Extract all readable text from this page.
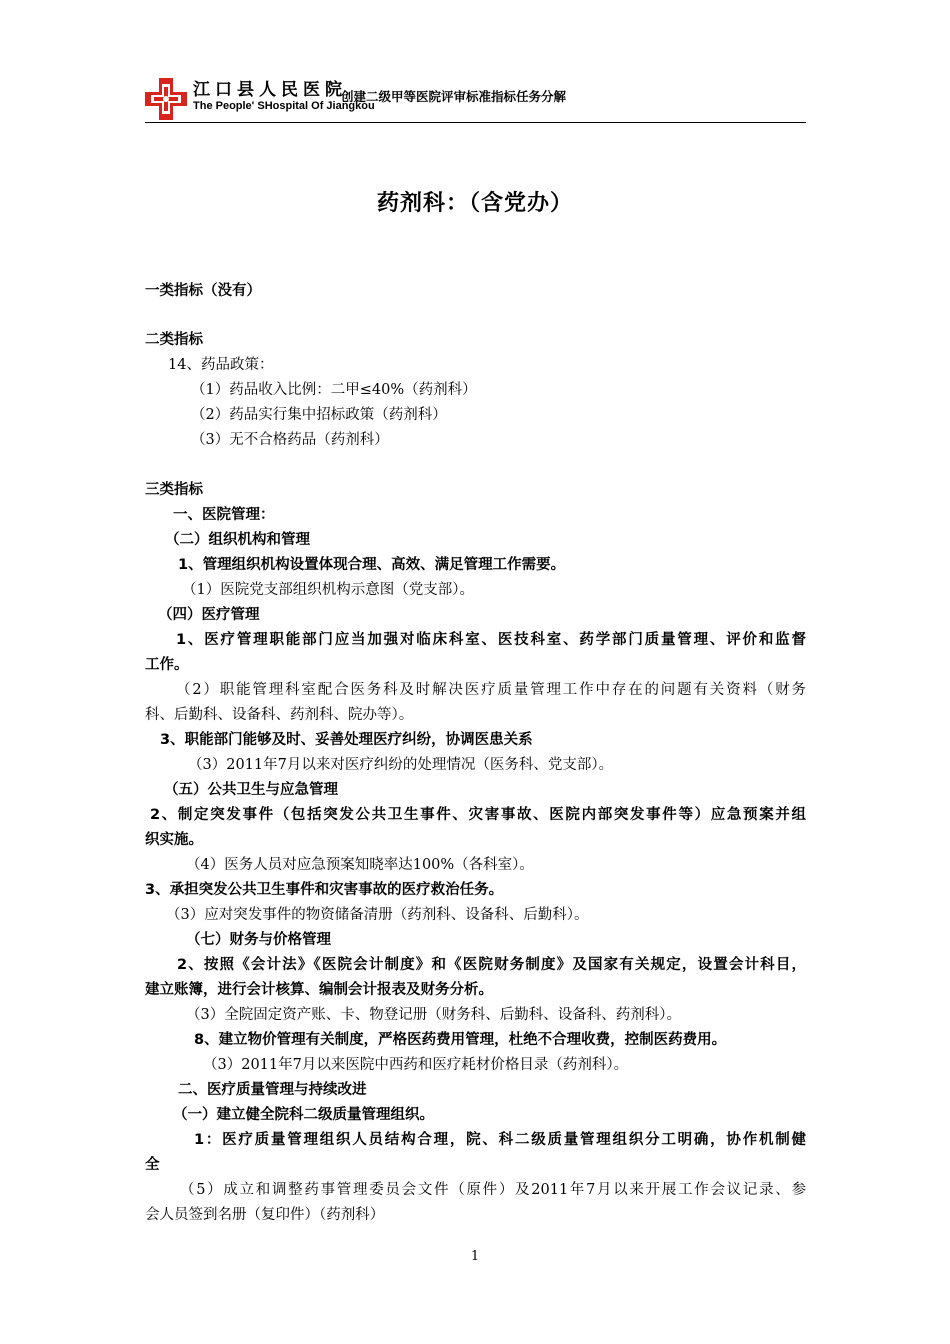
江口县人民医院
The People' SHospital Of Jiangkou
创建二级甲等医院评审标准指标任务分解
药剂科：（含党办）
一类指标（没有）
二类指标
14、药品政策：
（1）药品收入比例：二甲≤40%（药剂科）
（2）药品实行集中招标政策（药剂科）
（3）无不合格药品（药剂科）
三类指标
一、医院管理：
（二）组织机构和管理
1、管理组织机构设置体现合理、高效、满足管理工作需要。
（1）医院党支部组织机构示意图（党支部）。
（四）医疗管理
1、医疗管理职能部门应当加强对临床科室、医技科室、药学部门质量管理、评价和监督
工作。
（2）职能管理科室配合医务科及时解决医疗质量管理工作中存在的问题有关资料（财务
科、后勤科、设备科、药剂科、院办等）。
3、职能部门能够及时、妥善处理医疗纠纷，协调医患关系
（3）2011年7月以来对医疗纠纷的处理情况（医务科、党支部）。
（五）公共卫生与应急管理
2、制定突发事件（包括突发公共卫生事件、灾害事故、医院内部突发事件等）应急预案并组
织实施。
（4）医务人员对应急预案知晓率达100%（各科室）。
3、承担突发公共卫生事件和灾害事故的医疗救治任务。
（3）应对突发事件的物资储备清册（药剂科、设备科、后勤科）。
（七）财务与价格管理
2、按照《会计法》《医院会计制度》和《医院财务制度》及国家有关规定，设置会计科目，
建立账簿，进行会计核算、编制会计报表及财务分析。
（3）全院固定资产账、卡、物登记册（财务科、后勤科、设备科、药剂科）。
8、建立物价管理有关制度，严格医药费用管理，杜绝不合理收费，控制医药费用。
（3）2011年7月以来医院中西药和医疗耗材价格目录（药剂科）。
二、医疗质量管理与持续改进
（一）建立健全院科二级质量管理组织。
1：医疗质量管理组织人员结构合理，院、科二级质量管理组织分工明确，协作机制健
全
（5）成立和调整药事管理委员会文件（原件）及2011年7月以来开展工作会议记录、参
会人员签到名册（复印件）（药剂科）
1
